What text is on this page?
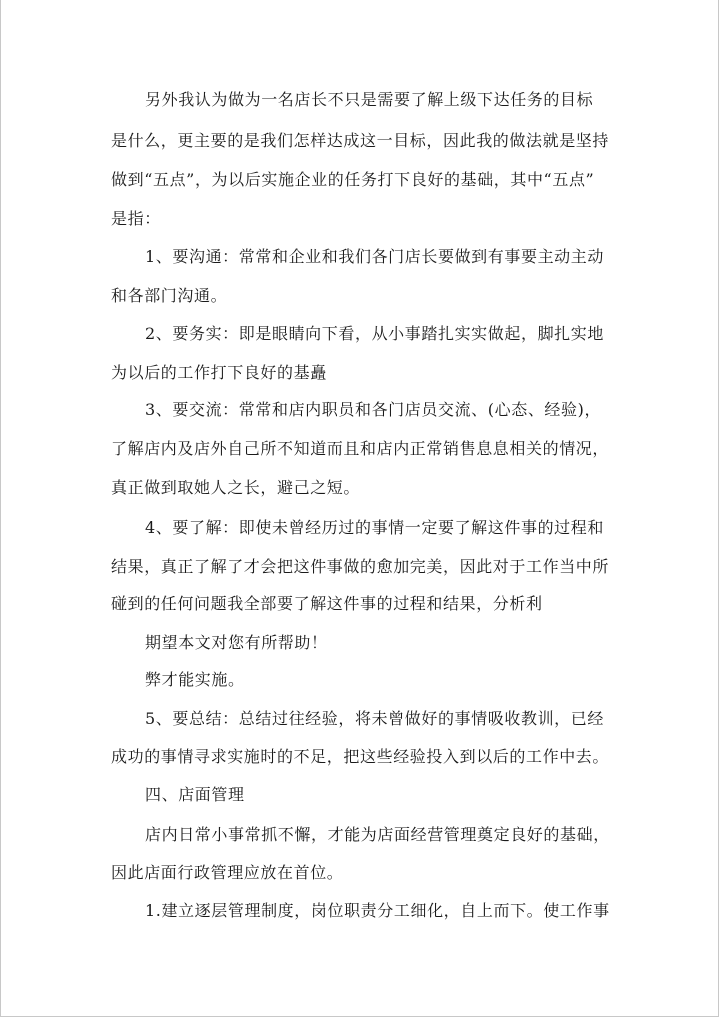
另外我认为做为一名店长不只是需要了解上级下达任务的目标
是什么，更主要的是我们怎样达成这一目标，因此我的做法就是坚持
做到“五点”，为以后实施企业的任务打下良好的基础，其中“五点”
是指：
1、要沟通：常常和企业和我们各门店长要做到有事要主动主动
和各部门沟通。
2、要务实：即是眼睛向下看，从小事踏扎实实做起，脚扎实地
为以后的工作打下良好的基矗
3、要交流：常常和店内职员和各门店员交流、(心态、经验)，
了解店内及店外自己所不知道而且和店内正常销售息息相关的情况，
真正做到取她人之长，避己之短。
4、要了解：即使未曾经历过的事情一定要了解这件事的过程和
结果，真正了解了才会把这件事做的愈加完美，因此对于工作当中所
碰到的任何问题我全部要了解这件事的过程和结果，分析利
期望本文对您有所帮助！
弊才能实施。
5、要总结：总结过往经验，将未曾做好的事情吸收教训，已经
成功的事情寻求实施时的不足，把这些经验投入到以后的工作中去。
四、店面管理
店内日常小事常抓不懈，才能为店面经营管理奠定良好的基础，
因此店面行政管理应放在首位。
1.建立逐层管理制度，岗位职责分工细化，自上而下。使工作事
